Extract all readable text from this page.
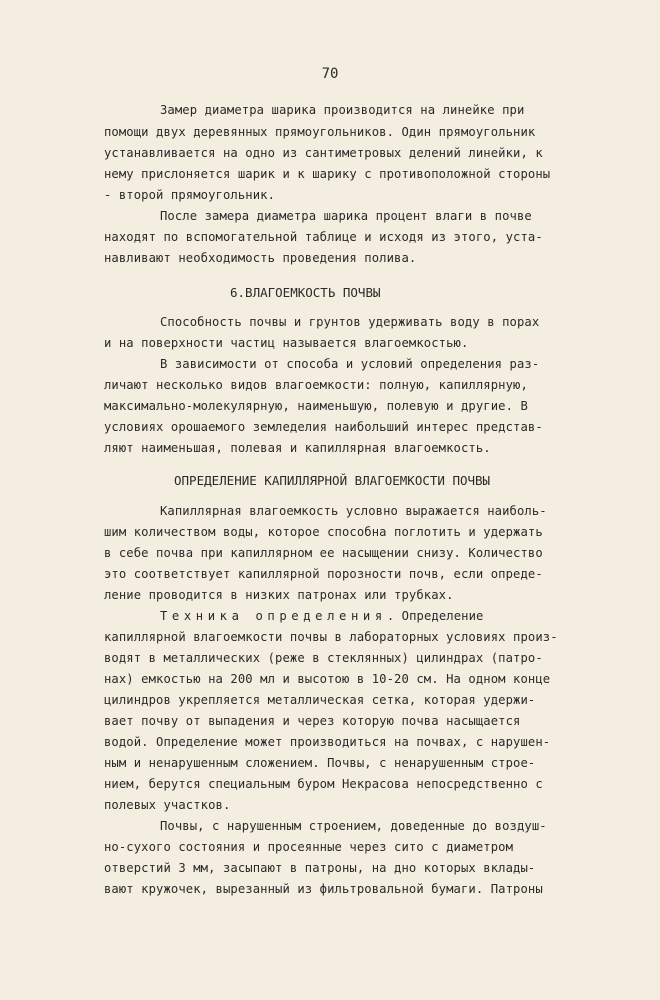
70
Замер диаметра шарика производится на линейке при
помощи двух деревянных прямоугольников. Один прямоугольник
устанавливается на одно из сантиметровых делений линейки, к
нему прислоняется шарик и к шарику с противоположной стороны
- второй прямоугольник.
После замера диаметра шарика процент влаги в почве
находят по вспомогательной таблице и исходя из этого, уста-
навливают необходимость проведения полива.
6.ВЛАГОЕМКОСТЬ ПОЧВЫ
Способность почвы и грунтов удерживать воду в порах
и на поверхности частиц называется влагоемкостью.
В зависимости от способа и условий определения раз-
личают несколько видов влагоемкости: полную, капиллярную,
максимально-молекулярную, наименьшую, полевую и другие. В
условиях орошаемого земледелия наибольший интерес представ-
ляют наименьшая, полевая и капиллярная влагоемкость.
ОПРЕДЕЛЕНИЕ КАПИЛЛЯРНОЙ ВЛАГОЕМКОСТИ ПОЧВЫ
Капиллярная влагоемкость условно выражается наиболь-
шим количеством воды, которое способна поглотить и удержать
в себе почва при капиллярном ее насыщении снизу. Количество
это соответствует капиллярной порозности почв, если опреде-
ление проводится в низких патронах или трубках.
Техника определения. Определение
капиллярной влагоемкости почвы в лабораторных условиях произ-
водят в металлических (реже в стеклянных) цилиндрах (патро-
нах) емкостью на 200 мл и высотою в 10-20 см. На одном конце
цилиндров укрепляется металлическая сетка, которая удержи-
вает почву от выпадения и через которую почва насыщается
водой. Определение может производиться на почвах, с нарушен-
ным и ненарушенным сложением. Почвы, с ненарушенным строе-
нием, берутся специальным буром Некрасова непосредственно с
полевых участков.
Почвы, с нарушенным строением, доведенные до воздуш-
но-сухого состояния и просеянные через сито с диаметром
отверстий 3 мм, засыпают в патроны, на дно которых вклады-
вают кружочек, вырезанный из фильтровальной бумаги. Патроны
